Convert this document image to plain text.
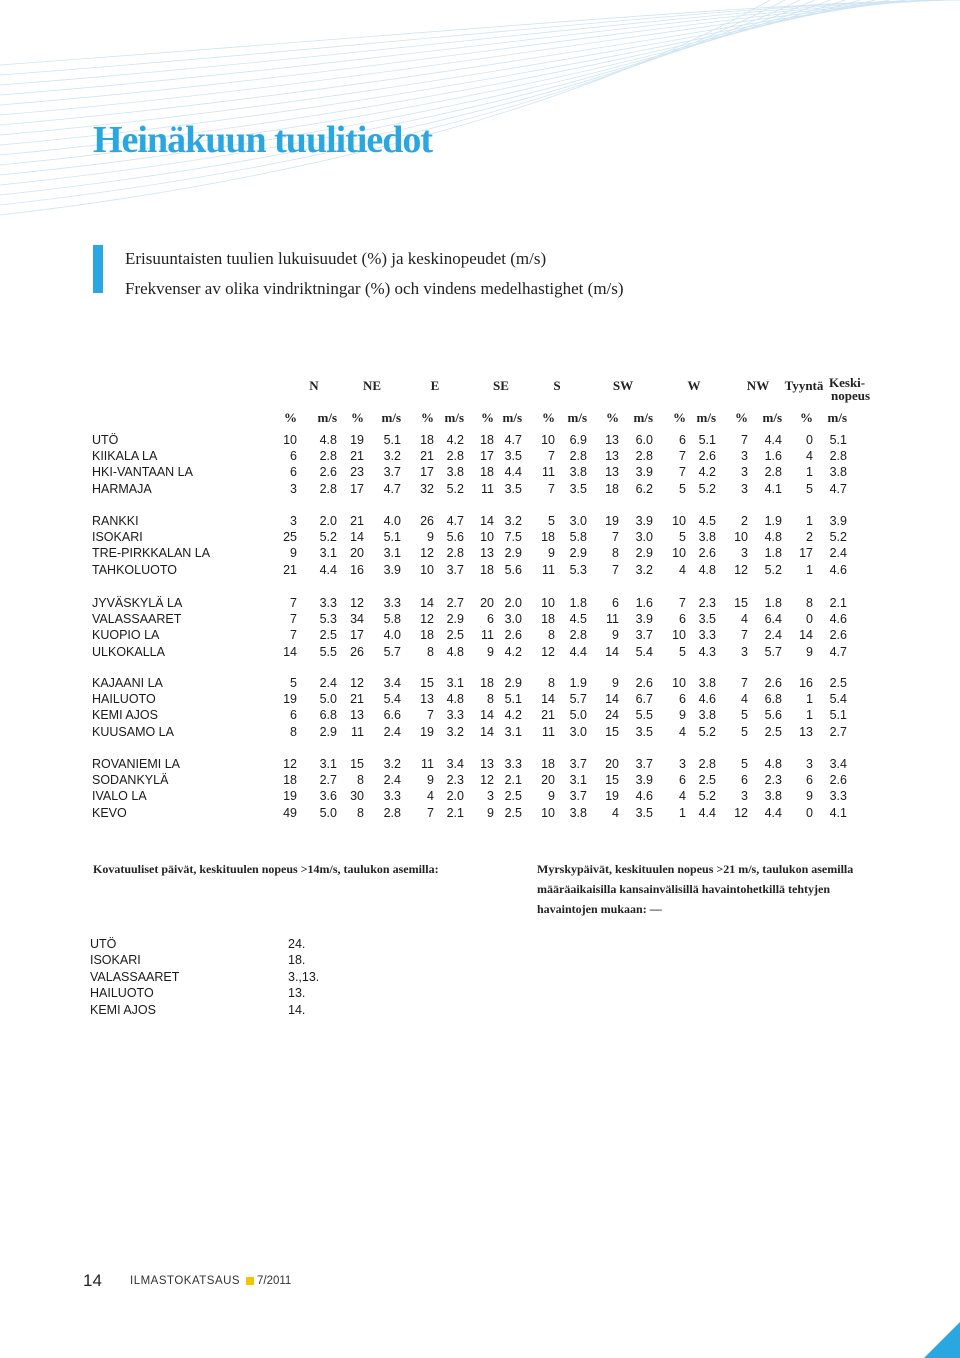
Heinäkuun tuulitiedot
Erisuuntaisten tuulien lukuisuudet (%) ja keskinopeudet (m/s)
Frekvenser av olika vindriktningar (%) och vindens medelhastighet (m/s)
N	NE	E	SE	S	SW	W	NW Tyyntä Keski-
nopeus
%	m/s	%	m/s	% m/s	% m/s	% m/s	%	m/s	% m/s	%	m/s	%	m/s
UTÖ	10	4.8	19	5.1	18	4.2	18 4.7	10	6.9	13	6.0	6	5.1	7	4.4	0	5.1
KIIKALA LA	6	2.8	21	3.2	21	2.8	17 3.5	7	2.8	13	2.8	7	2.6	3	1.6	4	2.8
HKI-VANTAAN LA	6	2.6	23	3.7	17	3.8	18 4.4	11	3.8	13	3.9	7	4.2	3	2.8	1	3.8
HARMAJA	3	2.8	17	4.7	32	5.2	11 3.5	7	3.5	18	6.2	5	5.2	3	4.1	5	4.7
RANKKI	3	2.0	21	4.0	26	4.7	14 3.2	5	3.0	19	3.9	10	4.5	2	1.9	1	3.9
ISOKARI	25	5.2	14	5.1	9	5.6	10 7.5	18	5.8	7	3.0	5	3.8	10	4.8	2	5.2
TRE-PIRKKALAN LA	9	3.1	20	3.1	12	2.8	13 2.9	9	2.9	8	2.9	10	2.6	3	1.8	17	2.4
TAHKOLUOTO	21	4.4	16	3.9	10	3.7	18 5.6	11	5.3	7	3.2	4	4.8	12	5.2	1	4.6
JYVÄSKYLÄ LA	7	3.3	12	3.3	14	2.7	20 2.0	10	1.8	6	1.6	7	2.3	15	1.8	8	2.1
VALASSAARET	7	5.3	34	5.8	12	2.9	6 3.0	18	4.5	11	3.9	6	3.5	4	6.4	0	4.6
KUOPIO LA	7	2.5	17	4.0	18	2.5	11 2.6	8	2.8	9	3.7	10	3.3	7	2.4	14	2.6
ULKOKALLA	14	5.5	26	5.7	8	4.8	9 4.2	12	4.4	14	5.4	5	4.3	3	5.7	9	4.7
KAJAANI LA	5	2.4	12	3.4	15	3.1	18 2.9	8	1.9	9	2.6	10	3.8	7	2.6	16	2.5
HAILUOTO	19	5.0	21	5.4	13	4.8	8 5.1	14	5.7	14	6.7	6	4.6	4	6.8	1	5.4
KEMI AJOS	6	6.8	13	6.6	7	3.3	14 4.2	21	5.0	24	5.5	9	3.8	5	5.6	1	5.1
KUUSAMO LA	8	2.9	11	2.4	19	3.2	14 3.1	11	3.0	15	3.5	4	5.2	5	2.5	13	2.7
ROVANIEMI LA	12	3.1	15	3.2	11	3.4	13 3.3	18	3.7	20	3.7	3	2.8	5	4.8	3	3.4
SODANKYLÄ	18	2.7	8	2.4	9	2.3	12 2.1	20	3.1	15	3.9	6	2.5	6	2.3	6	2.6
IVALO LA	19	3.6	30	3.3	4	2.0	3 2.5	9	3.7	19	4.6	4	5.2	3	3.8	9	3.3
KEVO	49	5.0	8	2.8	7	2.1	9 2.5	10	3.8	4	3.5	1	4.4	12	4.4	0	4.1
Kovatuuliset päivät, keskituulen nopeus >14m/s, taulukon asemilla:	Myrskypäivät, keskituulen nopeus >21 m/s, taulukon asemilla määräaikaisilla kansainvälisillä havaintohetkillä tehtyjen havaintojen mukaan: —
UTÖ	24.
ISOKARI	18.
VALASSAARET	3.,13.
HAILUOTO	13.
KEMI AJOS	14.
14 ILMASTOKATSAUS 7/2011
